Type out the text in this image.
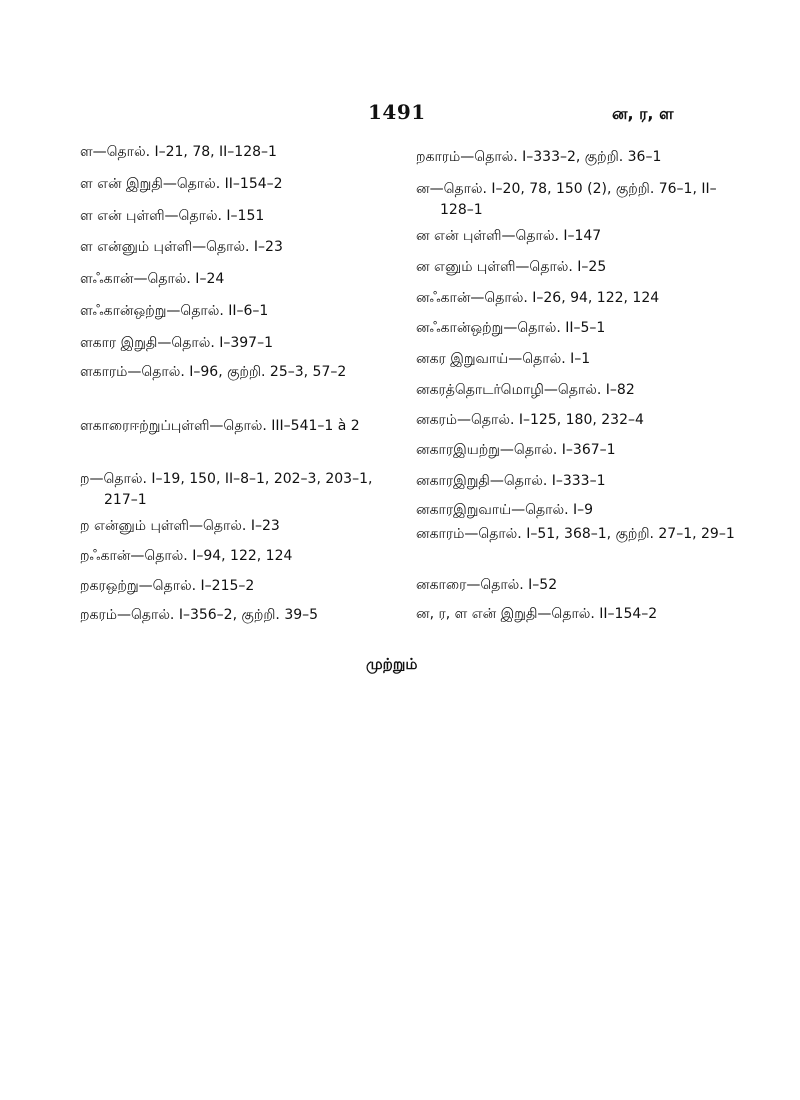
1491	ன, ர, ள

ள—தொல். I–21, 78, II–128–1

ள என் இறுதி—தொல். II–154–2

ள என் புள்ளி—தொல். I–151

ள என்னும் புள்ளி—தொல். I–23

ளஃகான்—தொல். I–24

ளஃகான்ஒற்று—தொல். II–6–1

ளகார இறுதி—தொல். I–397–1

ளகாரம்—தொல். I–96, குற்றி. 25–3, 57–2

ளகாரைஈற்றுப்புள்ளி—தொல். III–541–1 à 2

ற—தொல். I–19, 150, II–8–1, 202–3, 203–1, 217–1

ற என்னும் புள்ளி—தொல். I–23

றஃகான்—தொல். I–94, 122, 124

றகரஒற்று—தொல். I–215–2

றகரம்—தொல். I–356–2, குற்றி. 39–5

றகாரம்—தொல். I–333–2, குற்றி. 36–1

ன—தொல். I–20, 78, 150 (2), குற்றி. 76–1, II–128–1

ன என் புள்ளி—தொல். I–147

ன எனும் புள்ளி—தொல். I–25

னஃகான்—தொல். I–26, 94, 122, 124

னஃகான்ஒற்று—தொல். II–5–1

னகர இறுவாய்—தொல். I–1

னகரத்தொடர்மொழி—தொல். I–82

னகரம்—தொல். I–125, 180, 232–4

னகாரஇயற்று—தொல். I–367–1

னகாரஇறுதி—தொல். I–333–1

னகாரஇறுவாய்—தொல். I–9

னகாரம்—தொல். I–51, 368–1, குற்றி. 27–1, 29–1

னகாரை—தொல். I–52

ன, ர, ள என் இறுதி—தொல். II–154–2

முற்றும்
